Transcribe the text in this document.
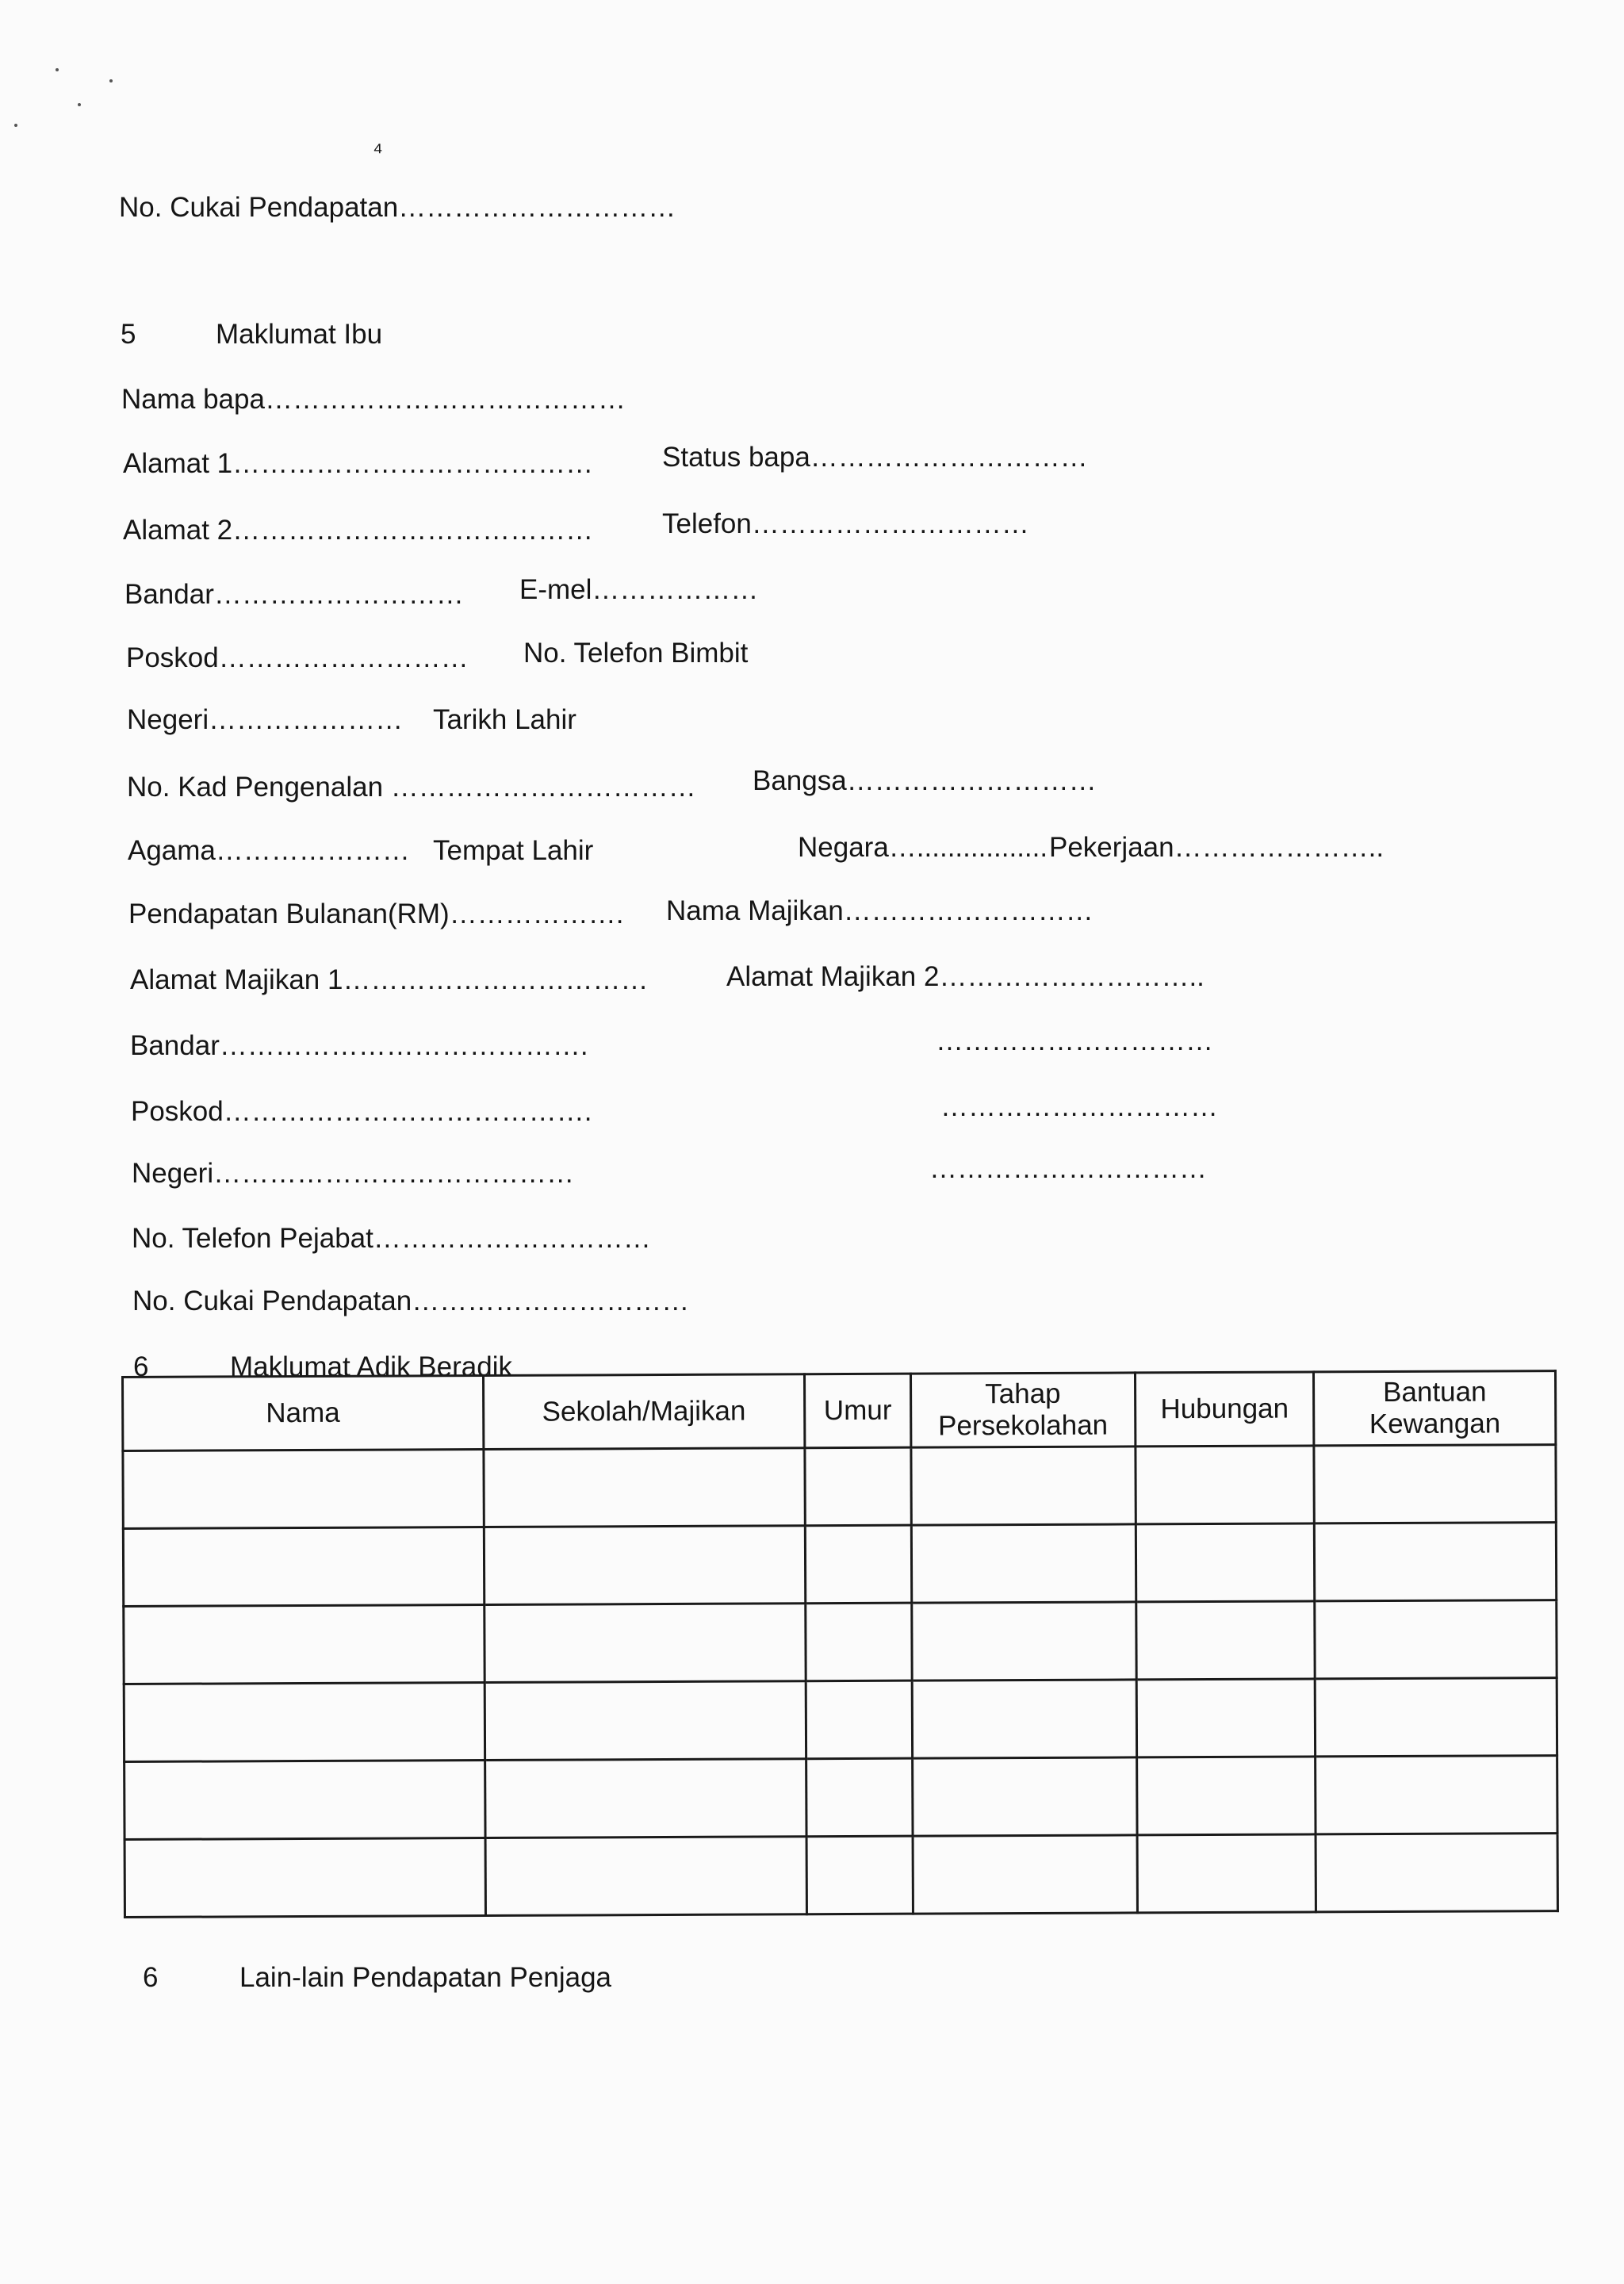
⁴
No. Cukai Pendapatan…………………………
5	Maklumat Ibu
Nama bapa…………………………………
Alamat 1………………………………… Status bapa…………………………
Alamat 2………………………………… Telefon…………………………
Bandar……………………… E-mel………………
Poskod……………………… No. Telefon Bimbit
Negeri………………… Tarikh Lahir
No. Kad Pengenalan …………………………… Bangsa………………………
Agama………………… Tempat Lahir	Negara…................. Pekerjaan…………………..
Pendapatan Bulanan(RM)………………. Nama Majikan………………………
Alamat Majikan 1……………………………	Alamat Majikan 2………………………..
Bandar………………………………….	…………………………
Poskod………………………………….	…………………………
Negeri…………………………………	…………………………
No. Telefon Pejabat…………………………
No. Cukai Pendapatan…………………………
6	Maklumat Adik Beradik
Nama	Sekolah/Majikan	Umur	Tahap Persekolahan	Hubungan	Bantuan Kewangan

6	Lain-lain Pendapatan Penjaga
